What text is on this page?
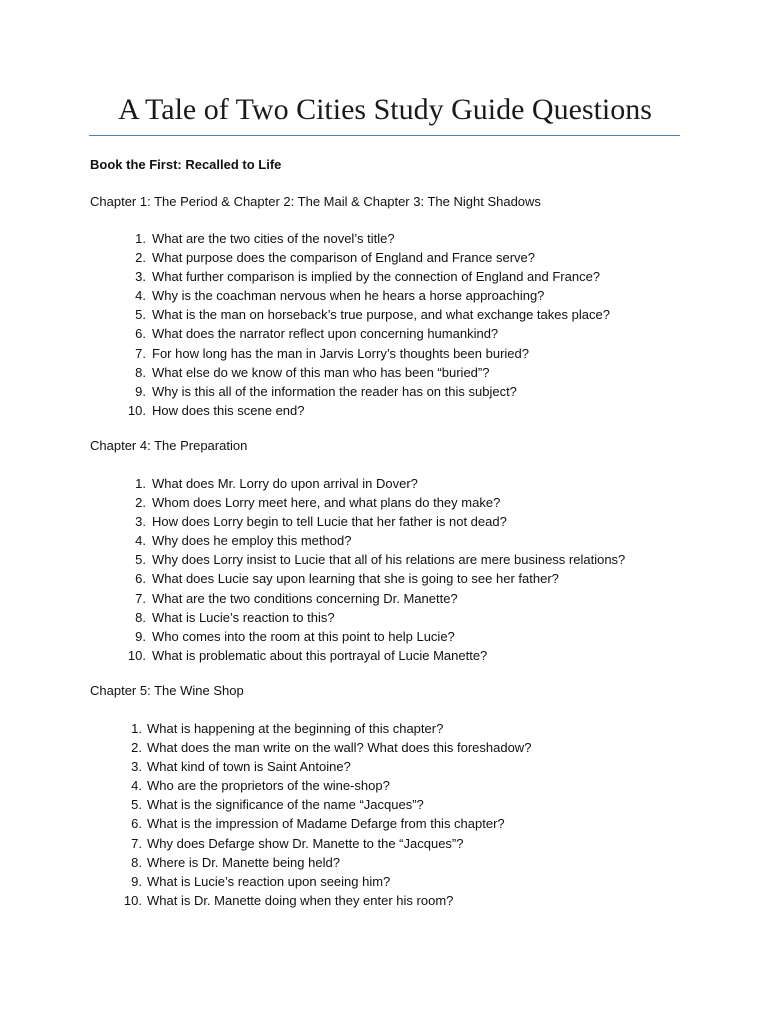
A Tale of Two Cities Study Guide Questions
Book the First: Recalled to Life
Chapter 1: The Period & Chapter 2: The Mail & Chapter 3: The Night Shadows
1. What are the two cities of the novel’s title?
2. What purpose does the comparison of England and France serve?
3. What further comparison is implied by the connection of England and France?
4. Why is the coachman nervous when he hears a horse approaching?
5. What is the man on horseback’s true purpose, and what exchange takes place?
6. What does the narrator reflect upon concerning humankind?
7. For how long has the man in Jarvis Lorry’s thoughts been buried?
8. What else do we know of this man who has been “buried”?
9. Why is this all of the information the reader has on this subject?
10. How does this scene end?
Chapter 4: The Preparation
1. What does Mr. Lorry do upon arrival in Dover?
2. Whom does Lorry meet here, and what plans do they make?
3. How does Lorry begin to tell Lucie that her father is not dead?
4. Why does he employ this method?
5. Why does Lorry insist to Lucie that all of his relations are mere business relations?
6. What does Lucie say upon learning that she is going to see her father?
7. What are the two conditions concerning Dr. Manette?
8. What is Lucie’s reaction to this?
9. Who comes into the room at this point to help Lucie?
10. What is problematic about this portrayal of Lucie Manette?
Chapter 5: The Wine Shop
1. What is happening at the beginning of this chapter?
2. What does the man write on the wall? What does this foreshadow?
3. What kind of town is Saint Antoine?
4. Who are the proprietors of the wine-shop?
5. What is the significance of the name “Jacques”?
6. What is the impression of Madame Defarge from this chapter?
7. Why does Defarge show Dr. Manette to the “Jacques”?
8. Where is Dr. Manette being held?
9. What is Lucie’s reaction upon seeing him?
10. What is Dr. Manette doing when they enter his room?
